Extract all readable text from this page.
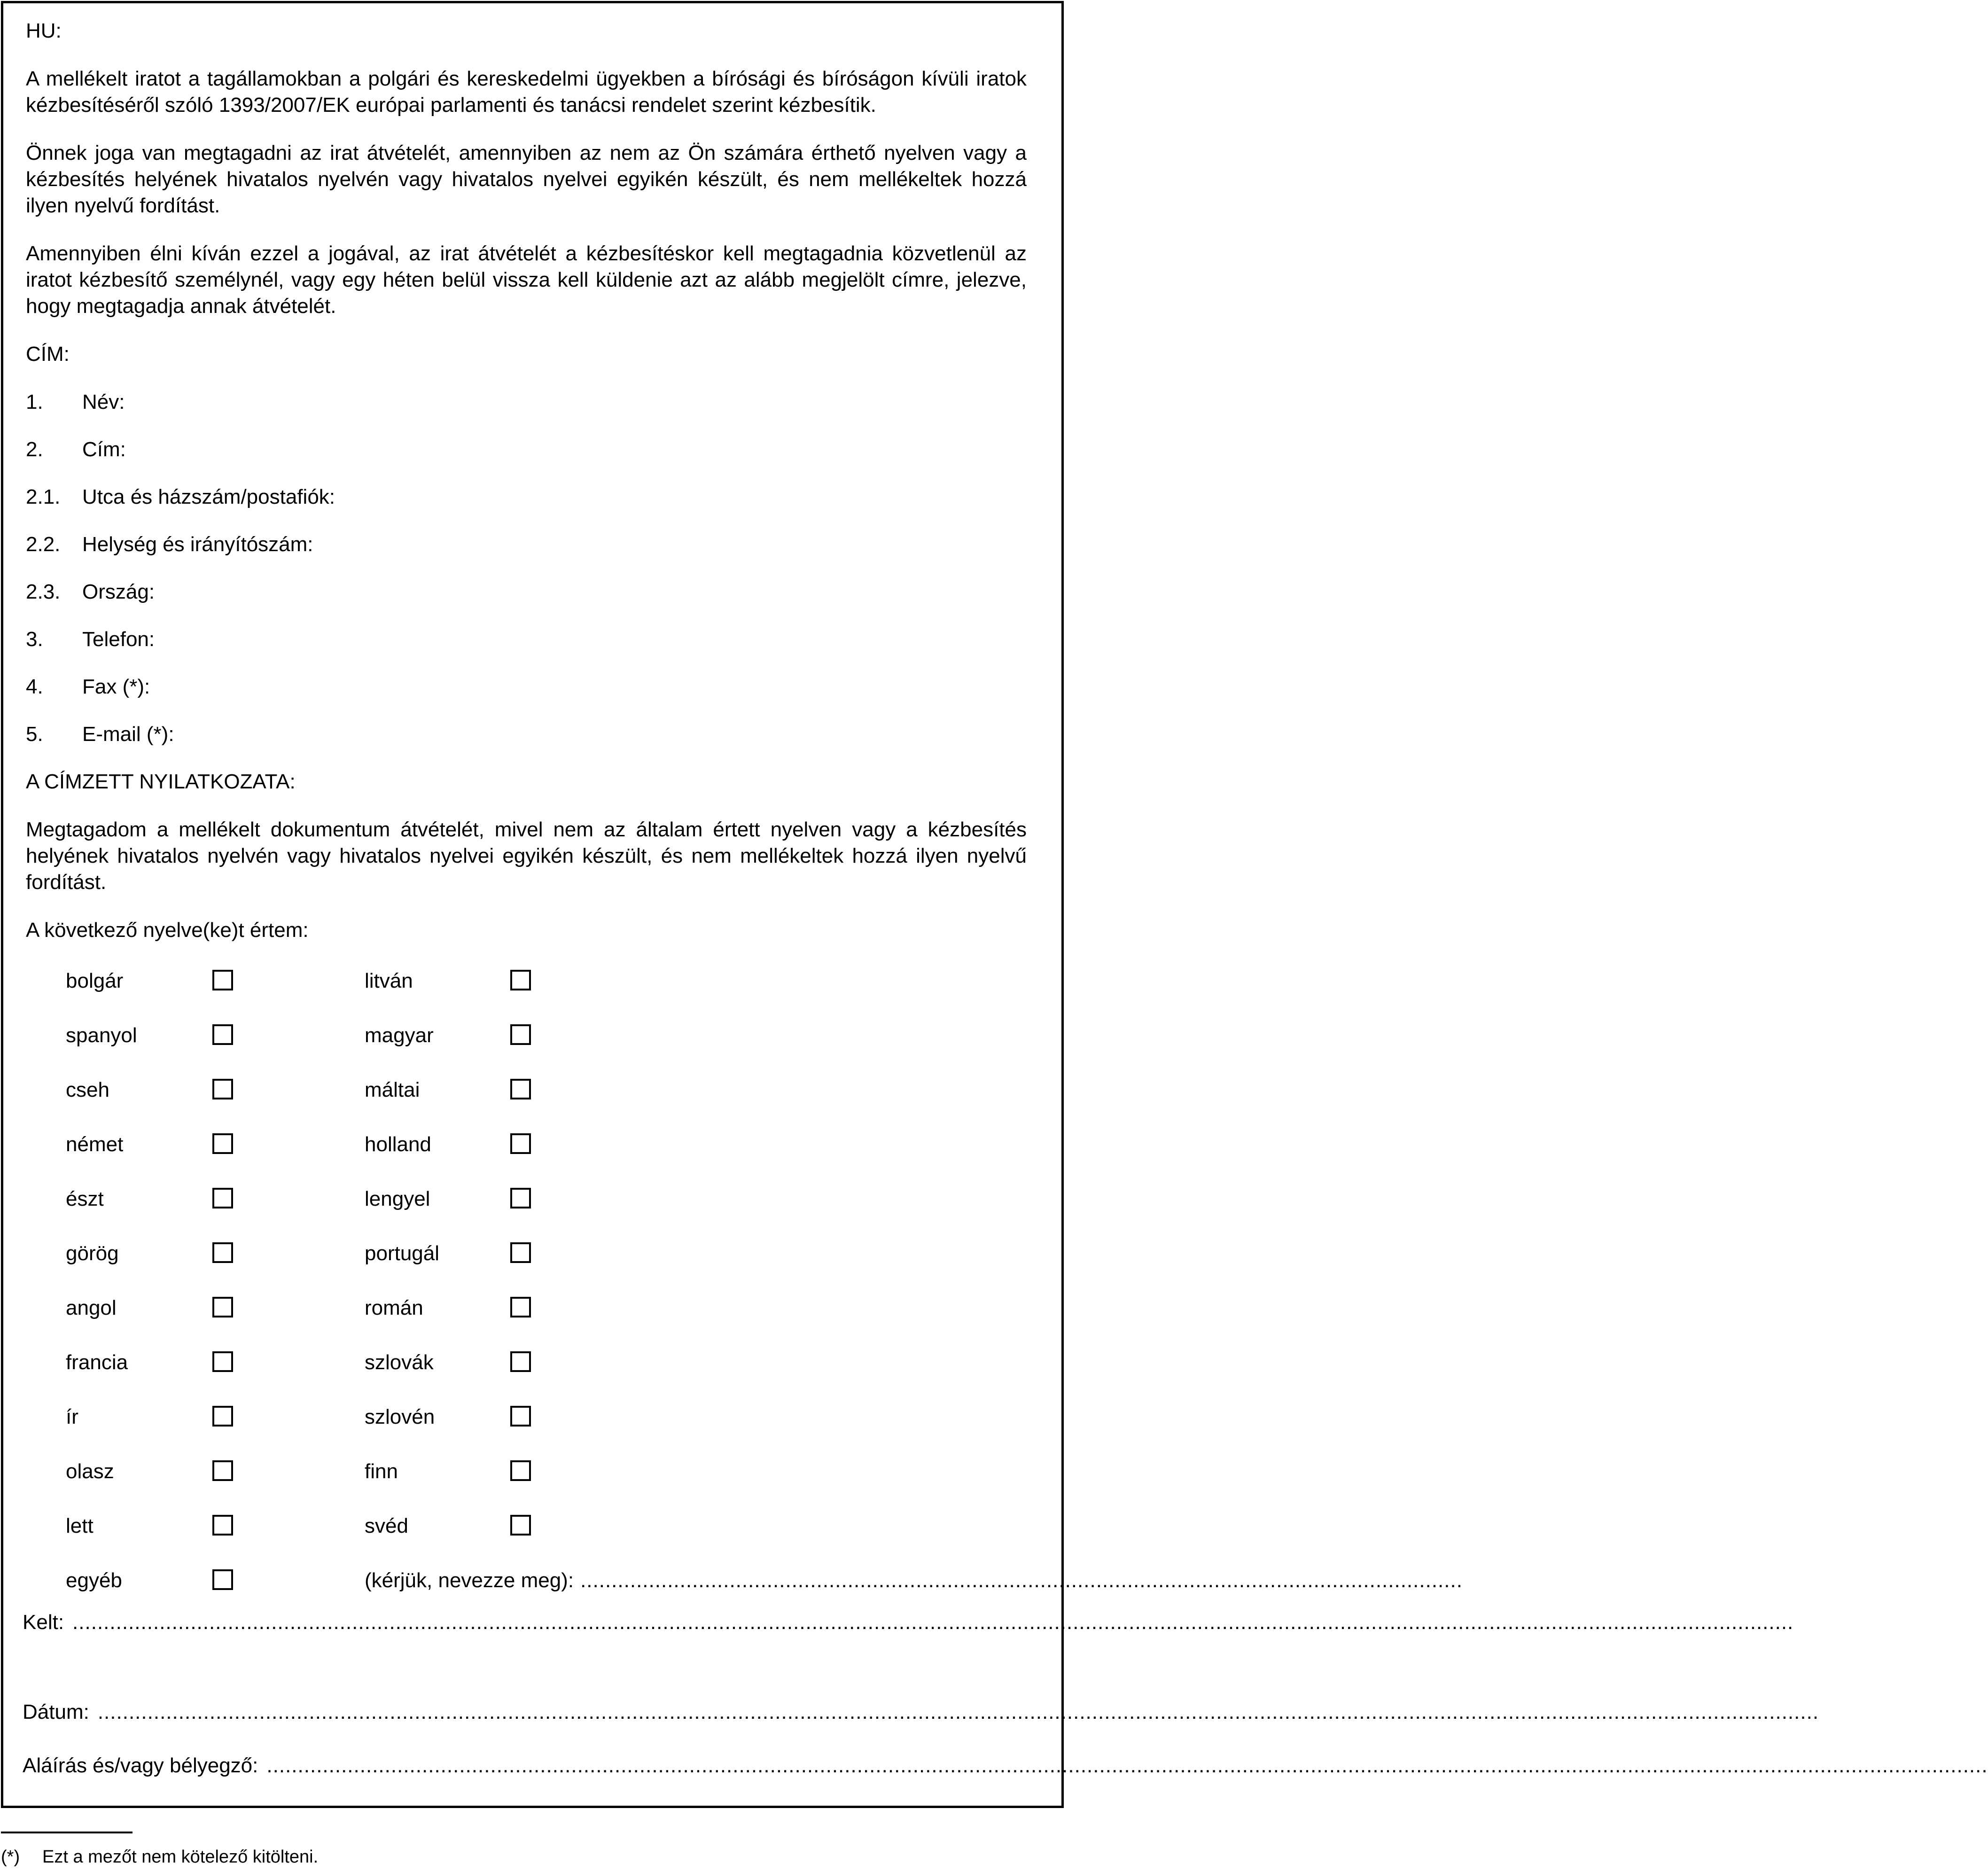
HU:

A mellékelt iratot a tagállamokban a polgári és kereskedelmi ügyekben a bírósági és bíróságon kívüli iratok kézbesítéséről szóló 1393/2007/EK európai parlamenti és tanácsi rendelet szerint kézbesítik.

Önnek joga van megtagadni az irat átvételét, amennyiben az nem az Ön számára érthető nyelven vagy a kézbesítés helyének hivatalos nyelvén vagy hivatalos nyelvei egyikén készült, és nem mellékeltek hozzá ilyen nyelvű fordítást.

Amennyiben élni kíván ezzel a jogával, az irat átvételét a kézbesítéskor kell megtagadnia közvetlenül az iratot kézbesítő személynél, vagy egy héten belül vissza kell küldenie azt az alább megjelölt címre, jelezve, hogy megtagadja annak átvételét.

CÍM:
1.	Név:
2.	Cím:
2.1.	Utca és házszám/postafiók:
2.2.	Helység és irányítószám:
2.3.	Ország:
3.	Telefon:
4.	Fax (*):
5.	E-mail (*):
A CÍMZETT NYILATKOZATA:

Megtagadom a mellékelt dokumentum átvételét, mivel nem az általam értett nyelven vagy a kézbesítés helyének hivatalos nyelvén vagy hivatalos nyelvei egyikén készült, és nem mellékeltek hozzá ilyen nyelvű fordítást.

A következő nyelve(ke)t értem:
bolgár	litván
spanyol	magyar
cseh	máltai
német	holland
észt	lengyel
görög	portugál
angol	román
francia	szlovák
ír	szlovén
olasz	finn
lett	svéd
egyéb	(kérjük, nevezze meg): ..............................................................................................................................................
Kelt: .....................................................................................................................................................................................................................................................................................
Dátum: .....................................................................................................................................................................................................................................................................................
Aláírás és/vagy bélyegző: .....................................................................................................................................................................................................................................................................................
(*)	Ezt a mezőt nem kötelező kitölteni.
